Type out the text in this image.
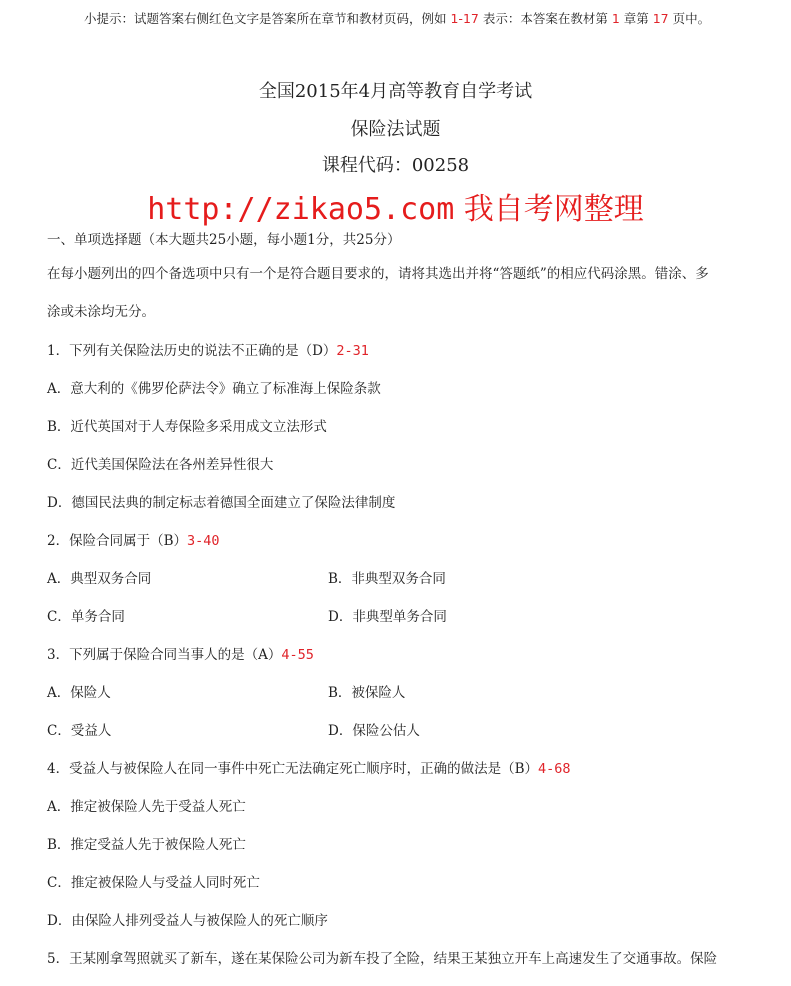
小提示：试题答案右侧红色文字是答案所在章节和教材页码，例如 1-17 表示：本答案在教材第 1 章第 17 页中。
全国2015年4月高等教育自学考试
保险法试题
课程代码：00258
http://zikao5.com 我自考网整理
一、单项选择题（本大题共25小题，每小题1分，共25分）
在每小题列出的四个备选项中只有一个是符合题目要求的，请将其选出并将“答题纸”的相应代码涂黑。错涂、多
涂或未涂均无分。
1．下列有关保险法历史的说法不正确的是（D）2-31
A．意大利的《佛罗伦萨法令》确立了标准海上保险条款
B．近代英国对于人寿保险多采用成文立法形式
C．近代美国保险法在各州差异性很大
D．德国民法典的制定标志着德国全面建立了保险法律制度
2．保险合同属于（B）3-40
A．典型双务合同	B．非典型双务合同
C．单务合同	D．非典型单务合同
3．下列属于保险合同当事人的是（A）4-55
A．保险人	B．被保险人
C．受益人	D．保险公估人
4．受益人与被保险人在同一事件中死亡无法确定死亡顺序时，正确的做法是（B）4-68
A．推定被保险人先于受益人死亡
B．推定受益人先于被保险人死亡
C．推定被保险人与受益人同时死亡
D．由保险人排列受益人与被保险人的死亡顺序
5．王某刚拿驾照就买了新车，遂在某保险公司为新车投了全险，结果王某独立开车上高速发生了交通事故。保险
